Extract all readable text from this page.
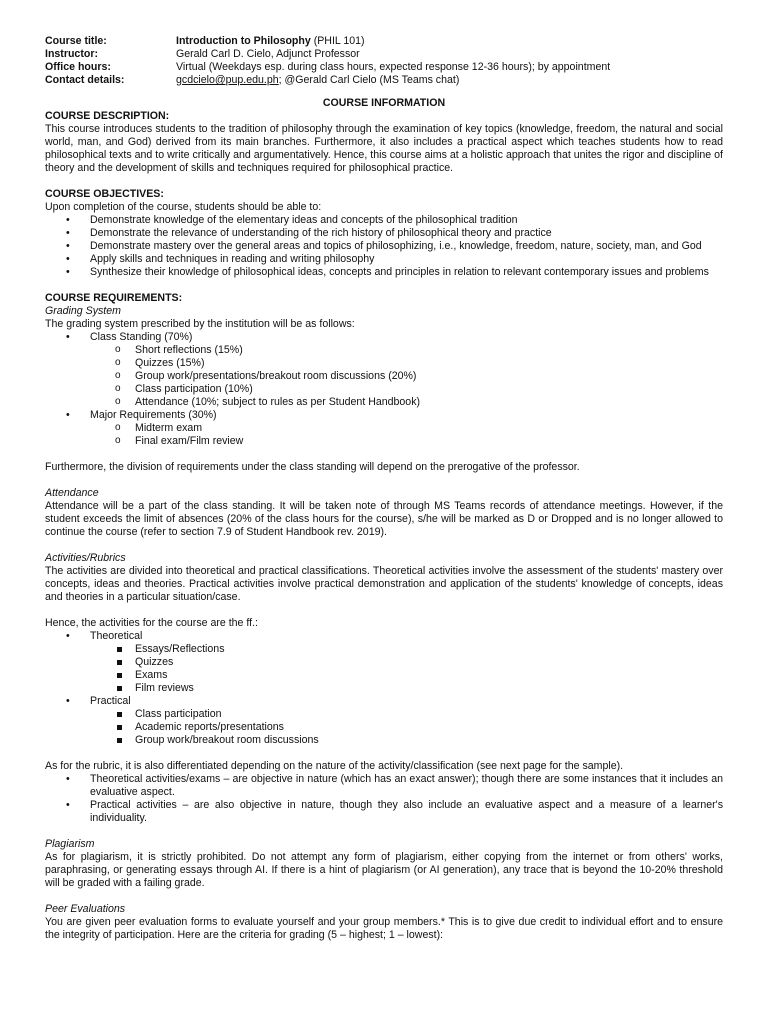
Course title:	Introduction to Philosophy (PHIL 101)
Instructor:	Gerald Carl D. Cielo, Adjunct Professor
Office hours:	Virtual (Weekdays esp. during class hours, expected response 12-36 hours); by appointment
Contact details:	gcdcielo@pup.edu.ph; @Gerald Carl Cielo (MS Teams chat)
COURSE INFORMATION
COURSE DESCRIPTION:
This course introduces students to the tradition of philosophy through the examination of key topics (knowledge, freedom, the natural and social world, man, and God) derived from its main branches. Furthermore, it also includes a practical aspect which teaches students how to read philosophical texts and to write critically and argumentatively. Hence, this course aims at a holistic approach that unites the rigor and discipline of theory and the development of skills and techniques required for philosophical practice.
COURSE OBJECTIVES:
Upon completion of the course, students should be able to:
• Demonstrate knowledge of the elementary ideas and concepts of the philosophical tradition
• Demonstrate the relevance of understanding of the rich history of philosophical theory and practice
• Demonstrate mastery over the general areas and topics of philosophizing, i.e., knowledge, freedom, nature, society, man, and God
• Apply skills and techniques in reading and writing philosophy
• Synthesize their knowledge of philosophical ideas, concepts and principles in relation to relevant contemporary issues and problems
COURSE REQUIREMENTS:
Grading System
The grading system prescribed by the institution will be as follows:
• Class Standing (70%)
o Short reflections (15%)
o Quizzes (15%)
o Group work/presentations/breakout room discussions (20%)
o Class participation (10%)
o Attendance (10%; subject to rules as per Student Handbook)
• Major Requirements (30%)
o Midterm exam
o Final exam/Film review
Furthermore, the division of requirements under the class standing will depend on the prerogative of the professor.
Attendance
Attendance will be a part of the class standing. It will be taken note of through MS Teams records of attendance meetings. However, if the student exceeds the limit of absences (20% of the class hours for the course), s/he will be marked as D or Dropped and is no longer allowed to continue the course (refer to section 7.9 of Student Handbook rev. 2019).
Activities/Rubrics
The activities are divided into theoretical and practical classifications. Theoretical activities involve the assessment of the students' mastery over concepts, ideas and theories. Practical activities involve practical demonstration and application of the students' knowledge of concepts, ideas and theories in a particular situation/case.
Hence, the activities for the course are the ff.:
• Theoretical
Essays/Reflections
Quizzes
Exams
Film reviews
• Practical
Class participation
Academic reports/presentations
Group work/breakout room discussions
As for the rubric, it is also differentiated depending on the nature of the activity/classification (see next page for the sample).
• Theoretical activities/exams – are objective in nature (which has an exact answer); though there are some instances that it includes an evaluative aspect.
• Practical activities – are also objective in nature, though they also include an evaluative aspect and a measure of a learner's individuality.
Plagiarism
As for plagiarism, it is strictly prohibited. Do not attempt any form of plagiarism, either copying from the internet or from others' works, paraphrasing, or generating essays through AI. If there is a hint of plagiarism (or AI generation), any trace that is beyond the 10-20% threshold will be graded with a failing grade.
Peer Evaluations
You are given peer evaluation forms to evaluate yourself and your group members.* This is to give due credit to individual effort and to ensure the integrity of participation. Here are the criteria for grading (5 – highest; 1 – lowest):
